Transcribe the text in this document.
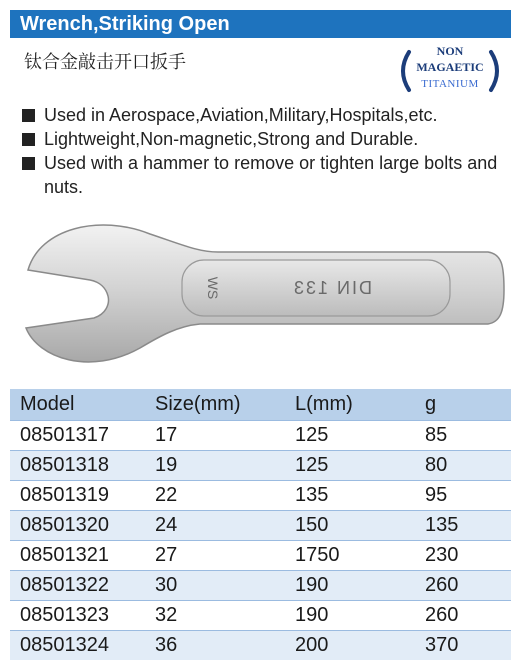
Wrench,Striking Open
钛合金敲击开口扳手
NON
MAGAETIC
TITANIUM
Used in Aerospace,Aviation,Military,Hospitals,etc.
Lightweight,Non-magnetic,Strong and Durable.
Used with a hammer to remove or tighten large bolts and nuts.
WS	DIN 133
Model	Size(mm)	L(mm)	g
08501317	17	125	85
08501318	19	125	80
08501319	22	135	95
08501320	24	150	135
08501321	27	1750	230
08501322	30	190	260
08501323	32	190	260
08501324	36	200	370
